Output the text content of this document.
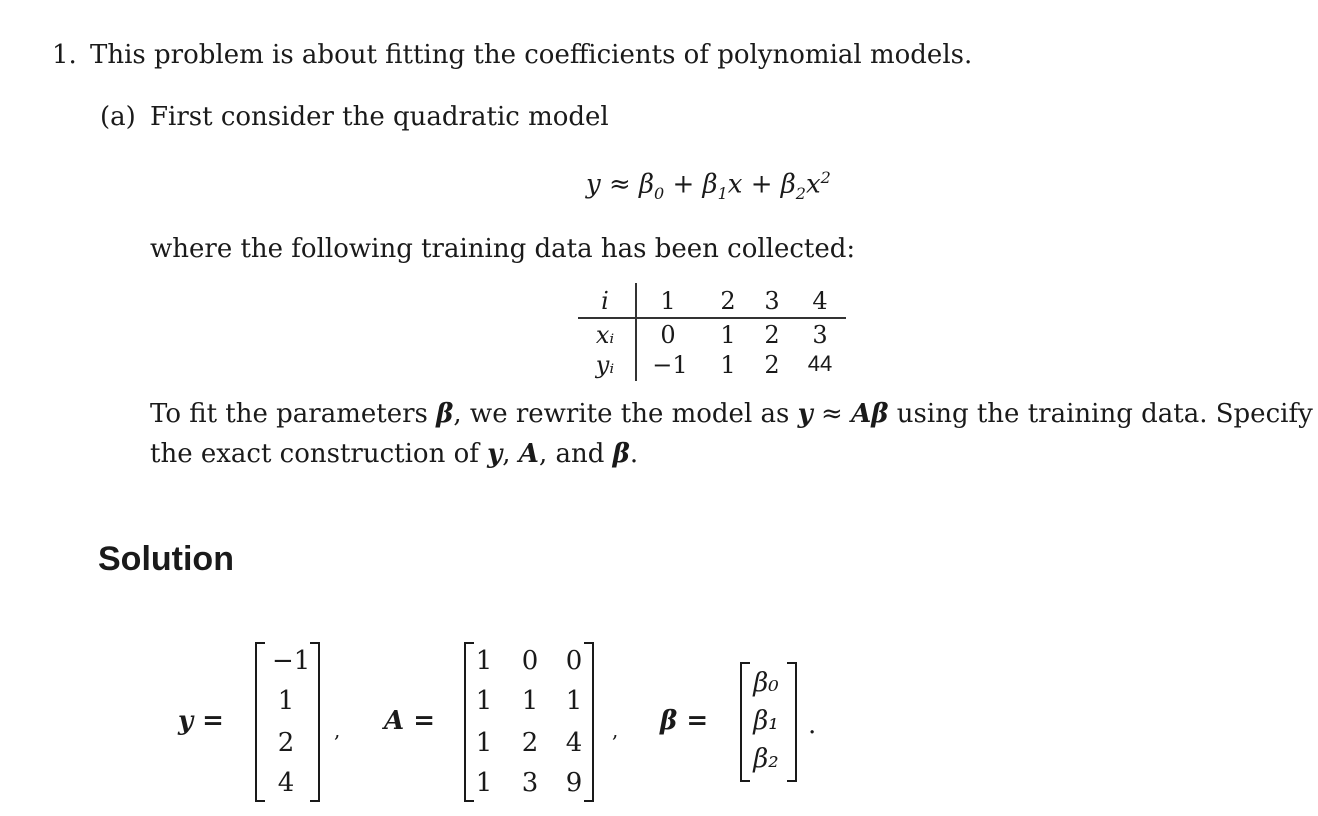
1. This problem is about fitting the coefficients of polynomial models.
(a) First consider the quadratic model
$y \approx \beta_0 + \beta_1x + \beta_2x^2$
where the following training data has been collected:
i	1	2	3	4
xᵢ	0	1	2	3
yᵢ	−1	1	2	44
To fit the parameters β, we rewrite the model as y ≈ Aβ using the training data. Specify
the exact construction of y, A, and β.
Solution
y =
−1
1
2
4
, A =
1	0	0
1	1	1
1	2	4
1	3	9
, β =
β₀
β₁
β₂
.
